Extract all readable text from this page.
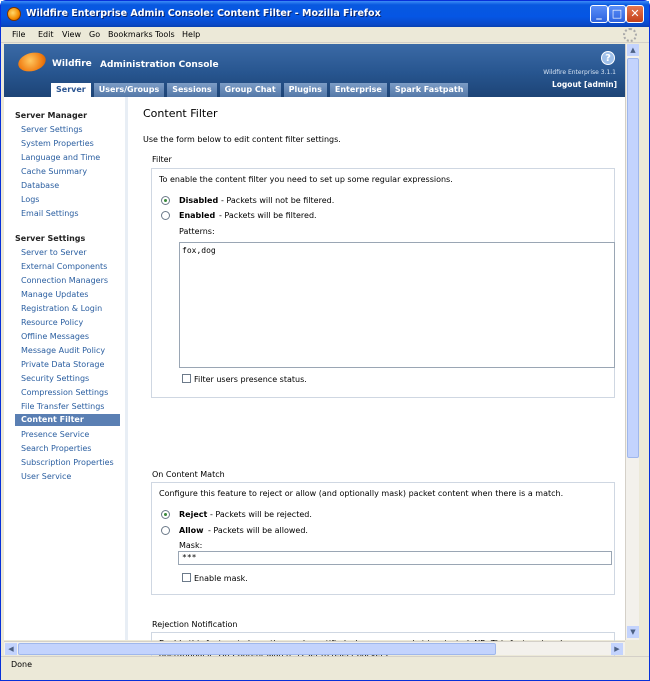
Wildfire Enterprise Admin Console: Content Filter - Mozilla Firefox	_ □ ✕
File Edit View Go Bookmarks Tools Help
Wildfire Administration Console
?
Wildfire Enterprise 3.1.1
Logout [admin]
Server	Users/Groups	Sessions	Group Chat	Plugins	Enterprise	Spark Fastpath
Server Manager
Server Settings
System Properties
Language and Time
Cache Summary
Database
Logs
Email Settings
Server Settings
Server to Server
External Components
Connection Managers
Manage Updates
Registration & Login
Resource Policy
Offline Messages
Message Audit Policy
Private Data Storage
Security Settings
Compression Settings
File Transfer Settings
Content Filter
Presence Service
Search Properties
Subscription Properties
User Service
Content Filter
Use the form below to edit content filter settings.
Filter
To enable the content filter you need to set up some regular expressions.
Disabled - Packets will not be filtered.
Enabled - Packets will be filtered.
Patterns:
fox,dog
Filter users presence status.
On Content Match
Configure this feature to reject or allow (and optionally mask) packet content when there is a match.
Reject - Packets will be rejected.
Allow - Packets will be allowed.
Mask:
***
Enable mask.
Rejection Notification
▲
▼
◀	▶
Done
